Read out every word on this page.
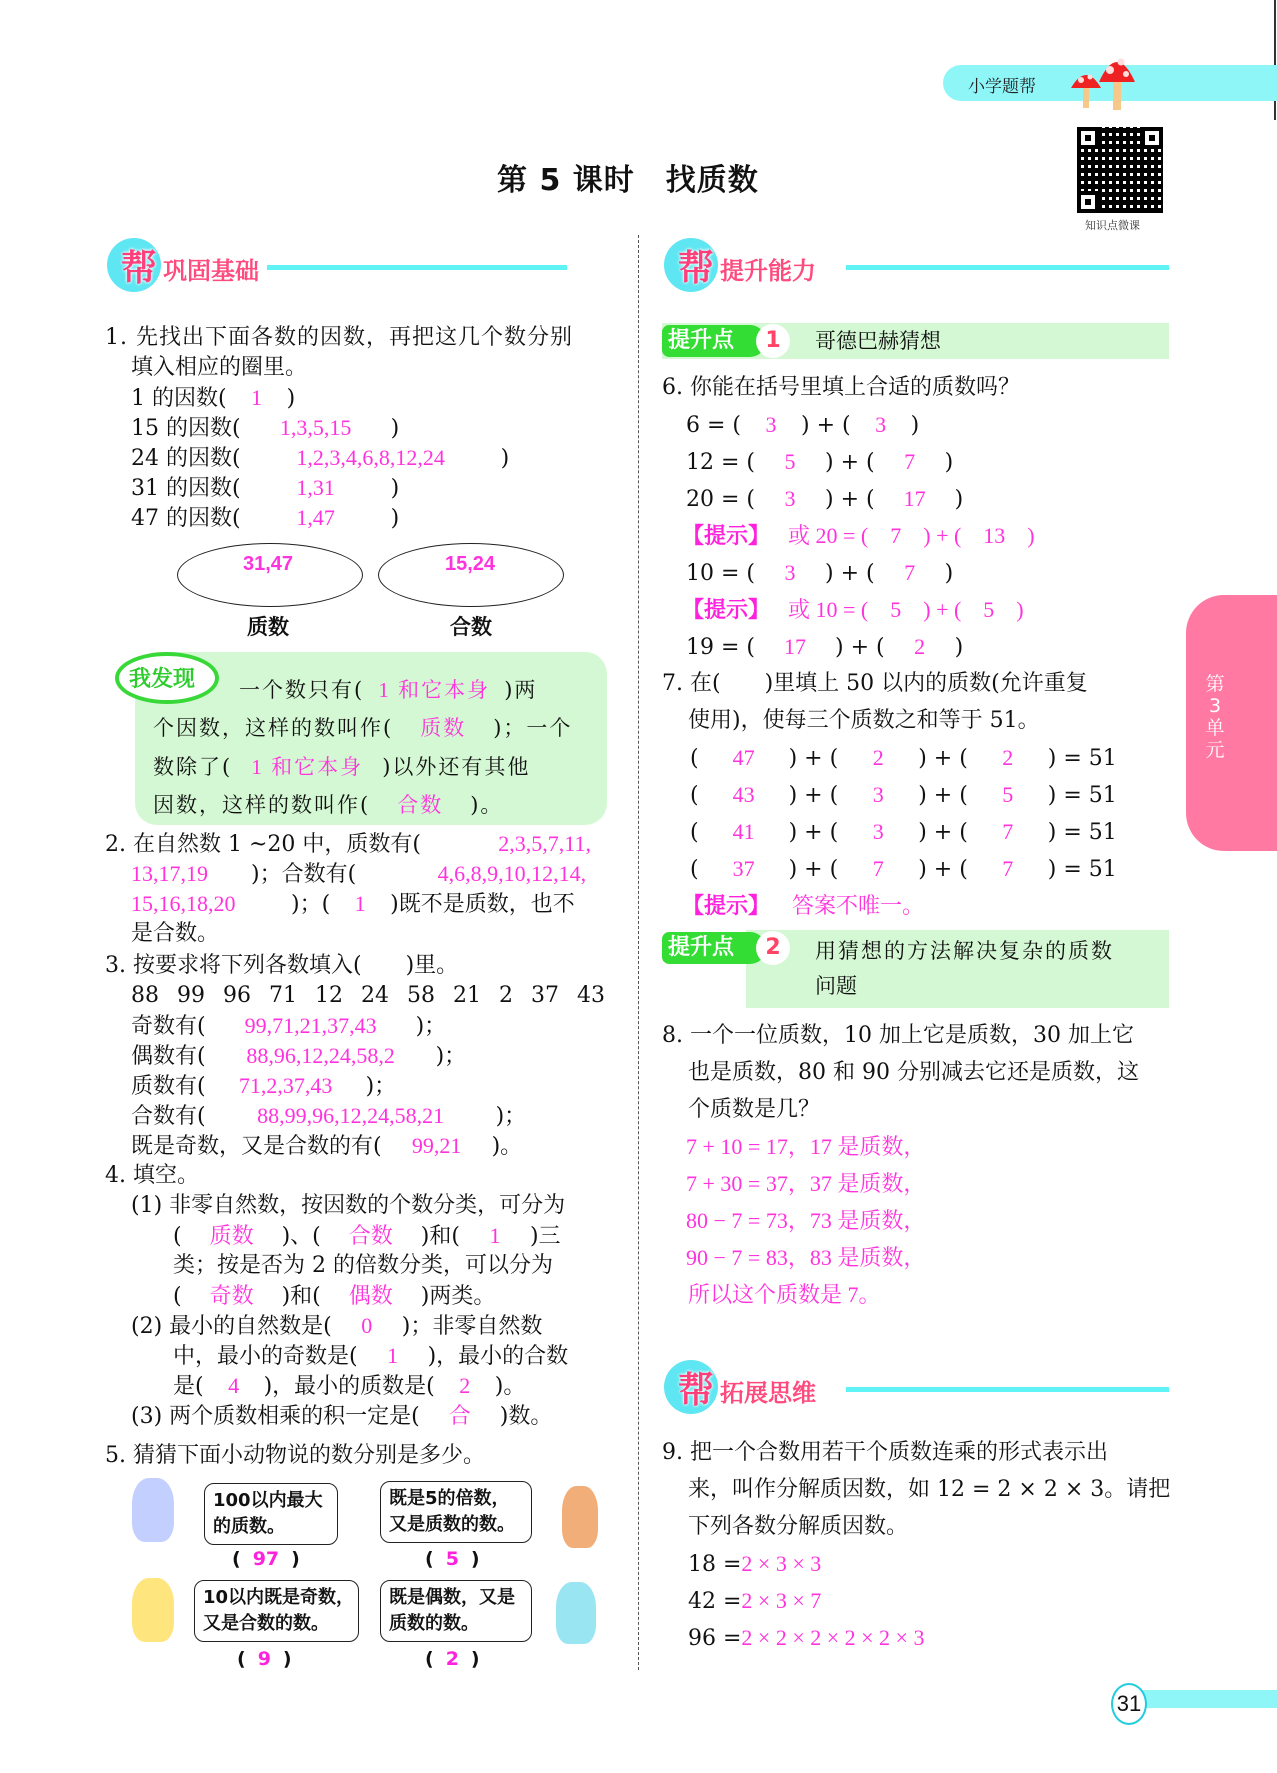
小学题帮
第 5 课时　找质数
知识点微课
帮 巩固基础
1. 先找出下面各数的因数，再把这几个数分别
填入相应的圈里。
1 的因数( 1 )
15 的因数( 1,3,5,15 )
24 的因数(	1,2,3,4,6,8,12,24	)
31 的因数(	1,31	)
47 的因数(	1,47	)
31,47
质数
15,24
合数
一个数只有( 1 和它本身 )两
个因数，这样的数叫作( 质数 )；一个
数除了( 1 和它本身 )以外还有其他
因数，这样的数叫作( 合数 )。
我发现
2. 在自然数 1 ~20 中，质数有(	2,3,5,7,11,
13,17,19 )；合数有(	4,6,8,9,10,12,14,
15,16,18,20	)；( 1 )既不是质数，也不
是合数。
3. 按要求将下列各数填入(　　)里。
88 99 96 71 12 24 58 21 2 37 43
奇数有( 99,71,21,37,43 )；
偶数有( 88,96,12,24,58,2 )；
质数有( 71,2,37,43 )；
合数有( 88,99,96,12,24,58,21 )；
既是奇数，又是合数的有( 99,21 )。
4. 填空。
(1) 非零自然数，按因数的个数分类，可分为
( 质数 )、( 合数 )和( 1 )三
类；按是否为 2 的倍数分类，可以分为
( 奇数 )和( 偶数 )两类。
(2) 最小的自然数是( 0 )；非零自然数
中，最小的奇数是( 1 )，最小的合数
是( 4 )，最小的质数是( 2 )。
(3) 两个质数相乘的积一定是( 合 )数。
5. 猜猜下面小动物说的数分别是多少。
100以内最大
的质数。
( 97 )
既是5的倍数，
又是质数的数。
( 5 )
10以内既是奇数，
又是合数的数。
( 9 )
既是偶数，又是
质数的数。
( 2 )
帮 提升能力
提升点	1	哥德巴赫猜想
6. 你能在括号里填上合适的质数吗？
6 = ( 3 ) + ( 3 )
12 = ( 5 ) + ( 7 )
20 = ( 3 ) + ( 17 )
【提示】 或 20 = (　7　) + (　13　)
10 = ( 3 ) + ( 7 )
【提示】 或 10 = (　5　) + (　5　)
19 = ( 17 ) + ( 2 )
7. 在(　　)里填上 50 以内的质数(允许重复
使用)，使每三个质数之和等于 51。
( 47 ) + ( 2 ) + ( 2 ) = 51
( 43 ) + ( 3 ) + ( 5 ) = 51
( 41 ) + ( 3 ) + ( 7 ) = 51
( 37 ) + ( 7 ) + ( 7 ) = 51
【提示】 答案不唯一。
提升点	2	用猜想的方法解决复杂的质数
问题
8. 一个一位质数，10 加上它是质数，30 加上它
也是质数，80 和 90 分别减去它还是质数，这
个质数是几？
7 + 10 = 17，17 是质数，
7 + 30 = 37，37 是质数，
80 − 7 = 73，73 是质数，
90 − 7 = 83，83 是质数，
所以这个质数是 7。
帮 拓展思维
9. 把一个合数用若干个质数连乘的形式表示出
来，叫作分解质因数，如 12 = 2 × 2 × 3。请把
下列各数分解质因数。
18 =2 × 3 × 3
42 =2 × 3 × 7
96 =2 × 2 × 2 × 2 × 2 × 3
第3单元
31
